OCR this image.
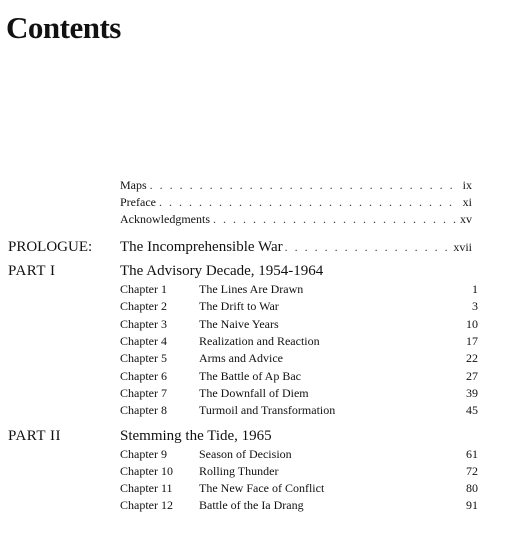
Contents
Maps . . .	ix
Preface . . .	xi
Acknowledgments . . .	xv
PROLOGUE:	The Incomprehensible War . . .	xvii
PART I	The Advisory Decade, 1954-1964
Chapter 1	The Lines Are Drawn	1
Chapter 2	The Drift to War	3
Chapter 3	The Naive Years	10
Chapter 4	Realization and Reaction	17
Chapter 5	Arms and Advice	22
Chapter 6	The Battle of Ap Bac	27
Chapter 7	The Downfall of Diem	39
Chapter 8	Turmoil and Transformation	45
PART II	Stemming the Tide, 1965
Chapter 9	Season of Decision	61
Chapter 10 Rolling Thunder	72
Chapter 11 The New Face of Conflict	80
Chapter 12 Battle of the Ia Drang	91
